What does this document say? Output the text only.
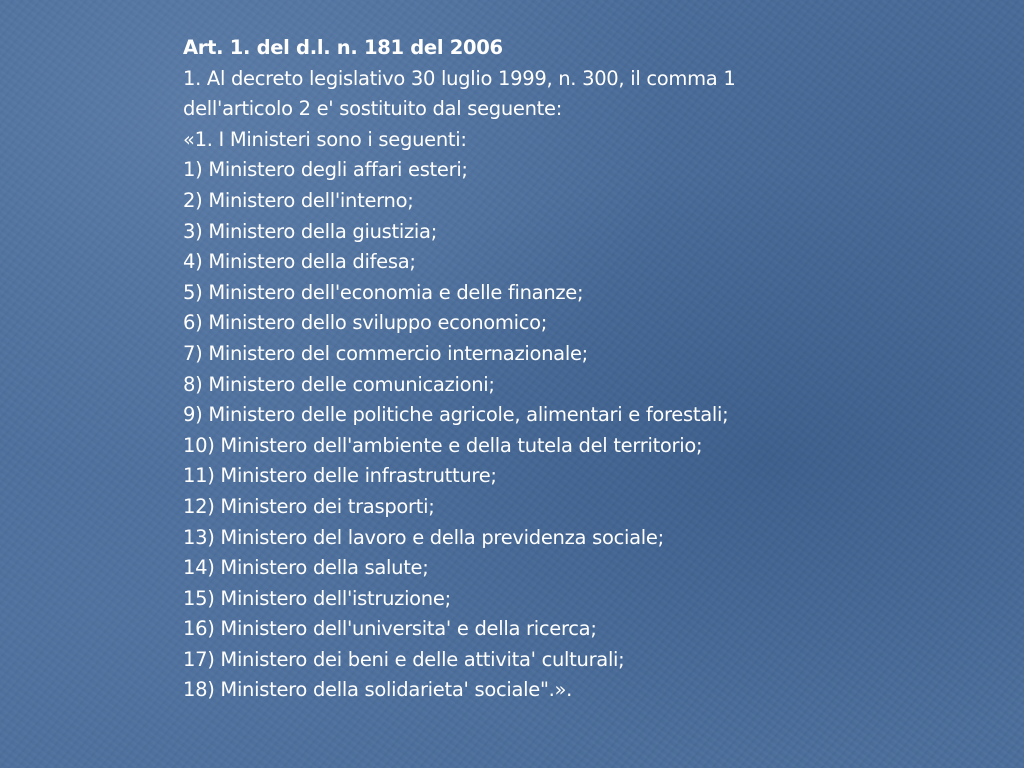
Art. 1. del d.l. n. 181 del 2006
1. Al decreto legislativo 30 luglio 1999, n. 300, il comma 1
dell'articolo 2 e' sostituito dal seguente:
«1. I Ministeri sono i seguenti:
1) Ministero degli affari esteri;
2) Ministero dell'interno;
3) Ministero della giustizia;
4) Ministero della difesa;
5) Ministero dell'economia e delle finanze;
6) Ministero dello sviluppo economico;
7) Ministero del commercio internazionale;
8) Ministero delle comunicazioni;
9) Ministero delle politiche agricole, alimentari e forestali;
10) Ministero dell'ambiente e della tutela del territorio;
11) Ministero delle infrastrutture;
12) Ministero dei trasporti;
13) Ministero del lavoro e della previdenza sociale;
14) Ministero della salute;
15) Ministero dell'istruzione;
16) Ministero dell'universita' e della ricerca;
17) Ministero dei beni e delle attivita' culturali;
18) Ministero della solidarieta' sociale".».
